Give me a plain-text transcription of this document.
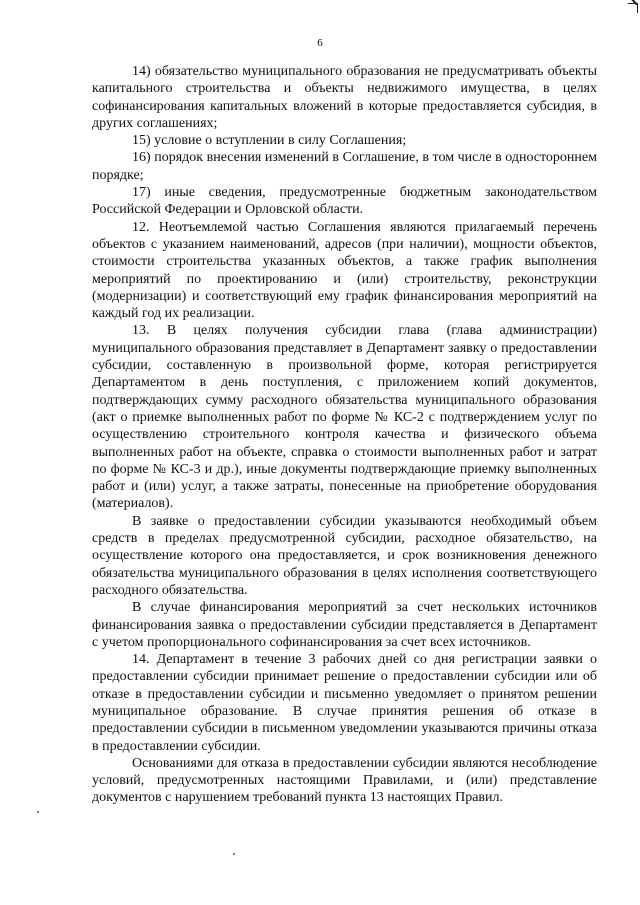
6

14) обязательство муниципального образования не предусматривать объекты капитального строительства и объекты недвижимого имущества, в целях софинансирования капитальных вложений в которые предоставляется субсидия, в других соглашениях;

15) условие о вступлении в силу Соглашения;

16) порядок внесения изменений в Соглашение, в том числе в одностороннем порядке;

17) иные сведения, предусмотренные бюджетным законодательством Российской Федерации и Орловской области.

12. Неотъемлемой частью Соглашения являются прилагаемый перечень объектов с указанием наименований, адресов (при наличии), мощности объектов, стоимости строительства указанных объектов, а также график выполнения мероприятий по проектированию и (или) строительству, реконструкции (модернизации) и соответствующий ему график финансирования мероприятий на каждый год их реализации.

13. В целях получения субсидии глава (глава администрации) муниципального образования представляет в Департамент заявку о предоставлении субсидии, составленную в произвольной форме, которая регистрируется Департаментом в день поступления, с приложением копий документов, подтверждающих сумму расходного обязательства муниципального образования (акт о приемке выполненных работ по форме № КС-2 с подтверждением услуг по осуществлению строительного контроля качества и физического объема выполненных работ на объекте, справка о стоимости выполненных работ и затрат по форме № КС-3 и др.), иные документы подтверждающие приемку выполненных работ и (или) услуг, а также затраты, понесенные на приобретение оборудования (материалов).

В заявке о предоставлении субсидии указываются необходимый объем средств в пределах предусмотренной субсидии, расходное обязательство, на осуществление которого она предоставляется, и срок возникновения денежного обязательства муниципального образования в целях исполнения соответствующего расходного обязательства.

В случае финансирования мероприятий за счет нескольких источников финансирования заявка о предоставлении субсидии представляется в Департамент с учетом пропорционального софинансирования за счет всех источников.

14. Департамент в течение 3 рабочих дней со дня регистрации заявки о предоставлении субсидии принимает решение о предоставлении субсидии или об отказе в предоставлении субсидии и письменно уведомляет о принятом решении муниципальное образование. В случае принятия решения об отказе в предоставлении субсидии в письменном уведомлении указываются причины отказа в предоставлении субсидии.

Основаниями для отказа в предоставлении субсидии являются несоблюдение условий, предусмотренных настоящими Правилами, и (или) представление документов с нарушением требований пункта 13 настоящих Правил.
